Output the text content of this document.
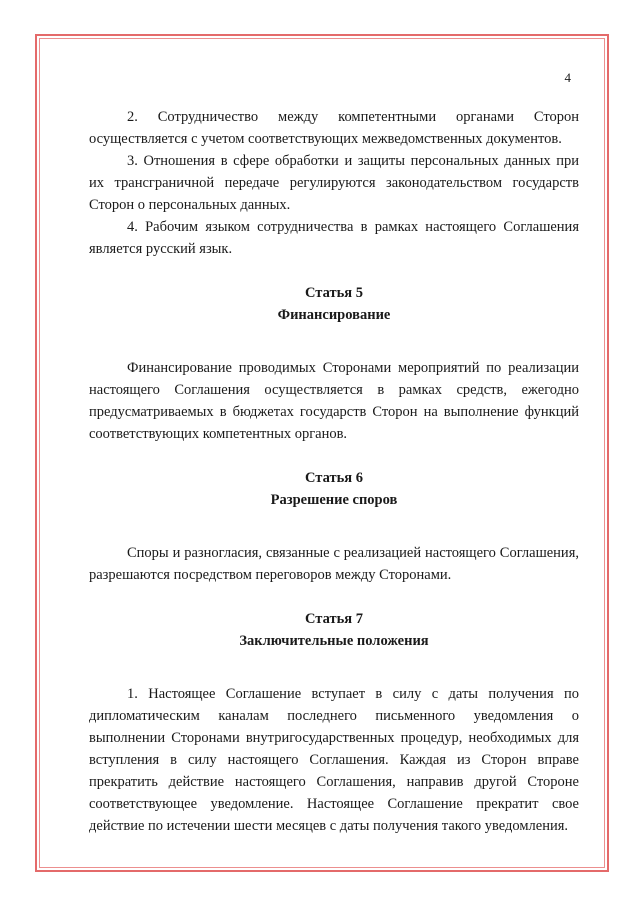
4

2. Сотрудничество между компетентными органами Сторон осуществляется с учетом соответствующих межведомственных документов.

3. Отношения в сфере обработки и защиты персональных данных при их трансграничной передаче регулируются законодательством государств Сторон о персональных данных.

4. Рабочим языком сотрудничества в рамках настоящего Соглашения является русский язык.

Статья 5

Финансирование

Финансирование проводимых Сторонами мероприятий по реализации настоящего Соглашения осуществляется в рамках средств, ежегодно предусматриваемых в бюджетах государств Сторон на выполнение функций соответствующих компетентных органов.

Статья 6

Разрешение споров

Споры и разногласия, связанные с реализацией настоящего Соглашения, разрешаются посредством переговоров между Сторонами.

Статья 7

Заключительные положения

1. Настоящее Соглашение вступает в силу с даты получения по дипломатическим каналам последнего письменного уведомления о выполнении Сторонами внутригосударственных процедур, необходимых для вступления в силу настоящего Соглашения. Каждая из Сторон вправе прекратить действие настоящего Соглашения, направив другой Стороне соответствующее уведомление. Настоящее Соглашение прекратит свое действие по истечении шести месяцев с даты получения такого уведомления.
